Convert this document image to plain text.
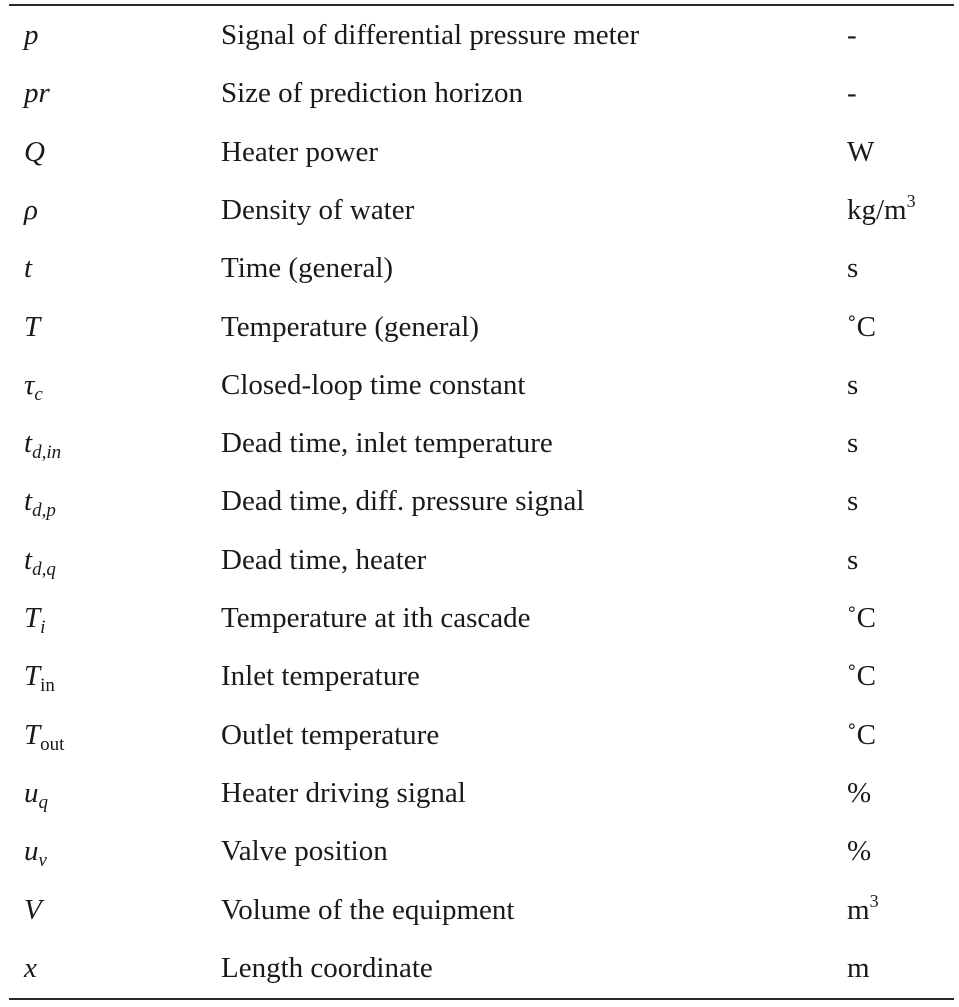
p	Signal of differential pressure meter	-
pr	Size of prediction horizon	-
Q	Heater power	W
ρ	Density of water	$kg/m^3$
t	Time (general)	s
T	Temperature (general)	˚C
$\tau_c$	Closed-loop time constant	s
$t_{d,in}$	Dead time, inlet temperature	s
$t_{d,p}$	Dead time, diff. pressure signal	s
$t_{d,q}$	Dead time, heater	s
$T_i$	Temperature at ith cascade	˚C
$T_{in}$	Inlet temperature	˚C
$T_{out}$	Outlet temperature	˚C
$u_q$	Heater driving signal	%
$u_v$	Valve position	%
V	Volume of the equipment	$m^3$
x	Length coordinate	m
